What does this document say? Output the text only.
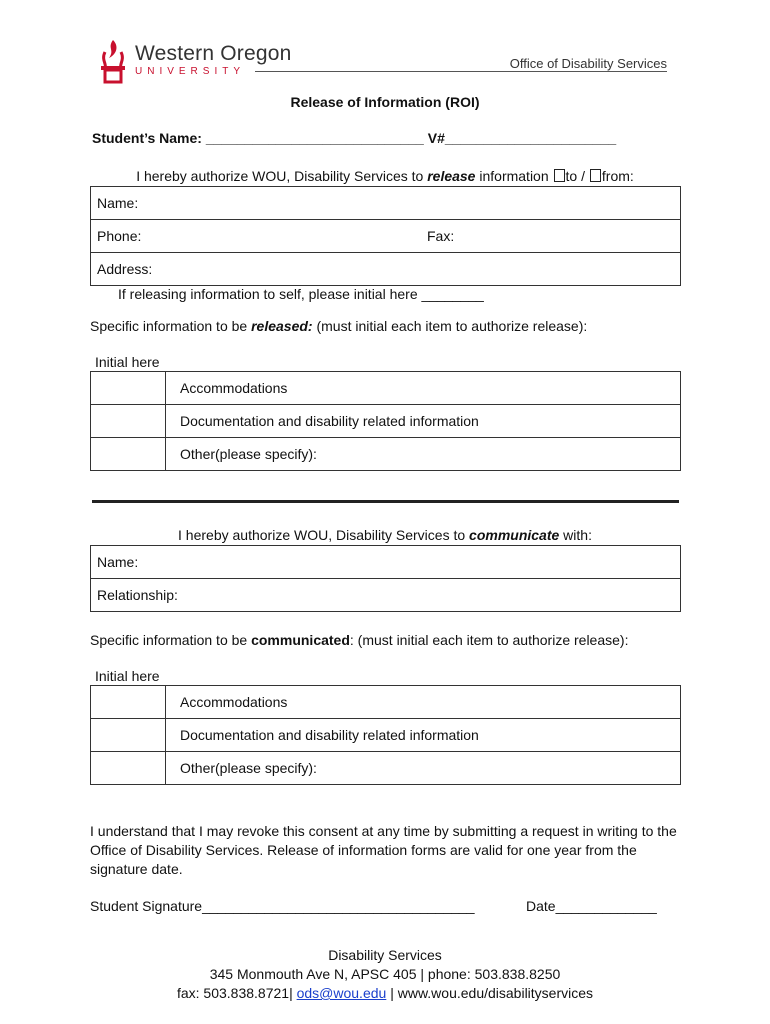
Western Oregon
UNIVERSITY
Office of Disability Services
Release of Information (ROI)
Student’s Name: ____________________________ V#______________________
I hereby authorize WOU, Disability Services to release information to / from:
Name:
Phone:	Fax:
Address:
If releasing information to self, please initial here ________
Specific information to be released: (must initial each item to authorize release):
Initial here
Accommodations
Documentation and disability related information
Other(please specify):
I hereby authorize WOU, Disability Services to communicate with:
Name:
Relationship:
Specific information to be communicated: (must initial each item to authorize release):
Initial here
Accommodations
Documentation and disability related information
Other(please specify):
I understand that I may revoke this consent at any time by submitting a request in writing to the Office of Disability Services. Release of information forms are valid for one year from the signature date.
Student Signature___________________________________	Date_____________
Disability Services
345 Monmouth Ave N, APSC 405 | phone: 503.838.8250
fax: 503.838.8721| ods@wou.edu | www.wou.edu/disabilityservices
